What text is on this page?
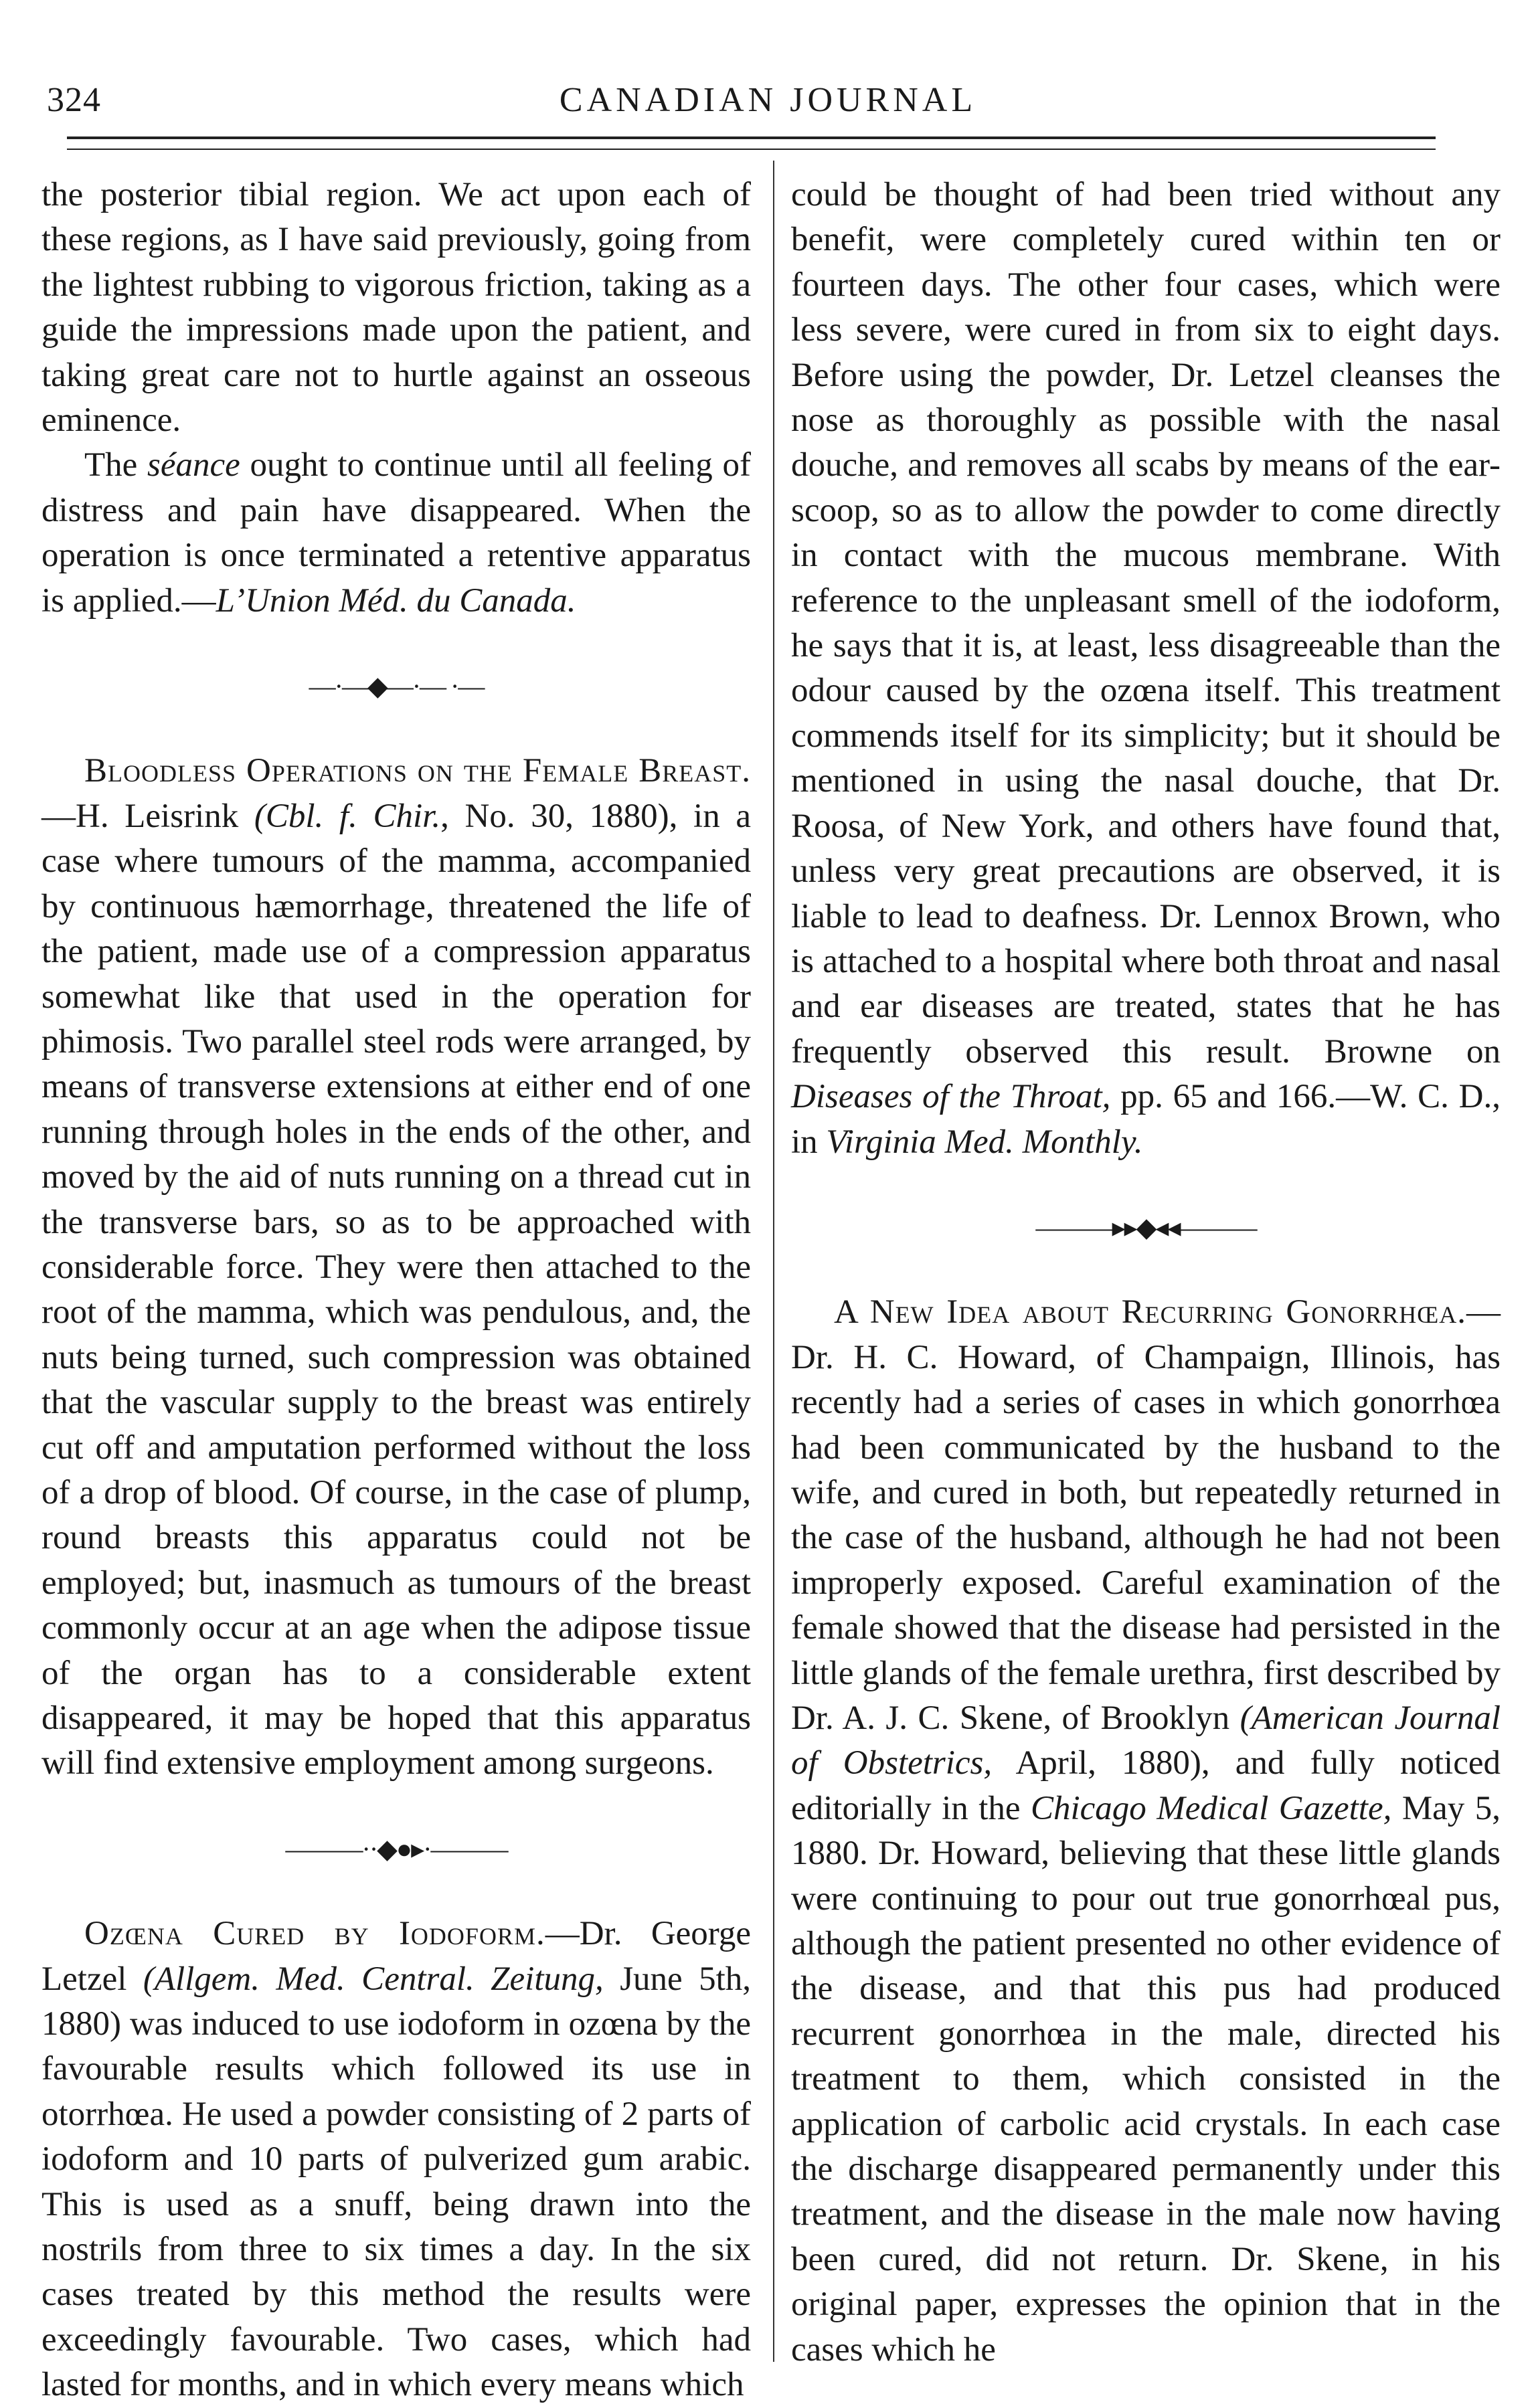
324	CANADIAN JOURNAL

the posterior tibial region. We act upon each of these regions, as I have said previously, going from the lightest rubbing to vigorous friction, taking as a guide the impressions made upon the patient, and taking great care not to hurtle against an osseous eminence.

The séance ought to continue until all feeling of distress and pain have disappeared. When the operation is once terminated a retentive apparatus is applied.—L’Union Méd. du Canada.

—·—◆—·— ·—

Bloodless Operations on the Female Breast.—H. Leisrink (Cbl. f. Chir., No. 30, 1880), in a case where tumours of the mamma, accompanied by continuous hæmorrhage, threatened the life of the patient, made use of a compression apparatus somewhat like that used in the operation for phimosis. Two parallel steel rods were arranged, by means of transverse extensions at either end of one running through holes in the ends of the other, and moved by the aid of nuts running on a thread cut in the transverse bars, so as to be approached with considerable force. They were then attached to the root of the mamma, which was pendulous, and, the nuts being turned, such compression was obtained that the vascular supply to the breast was entirely cut off and amputation performed without the loss of a drop of blood. Of course, in the case of plump, round breasts this apparatus could not be employed; but, inasmuch as tumours of the breast commonly occur at an age when the adipose tissue of the organ has to a considerable extent disappeared, it may be hoped that this apparatus will find extensive employment among surgeons.

———··◆●▸·———

Ozœna Cured by Iodoform.—Dr. George Letzel (Allgem. Med. Central. Zeitung, June 5th, 1880) was induced to use iodoform in ozœna by the favourable results which followed its use in otorrhœa. He used a powder consisting of 2 parts of iodoform and 10 parts of pulverized gum arabic. This is used as a snuff, being drawn into the nostrils from three to six times a day. In the six cases treated by this method the results were exceedingly favourable. Two cases, which had lasted for months, and in which every means which

could be thought of had been tried without any benefit, were completely cured within ten or fourteen days. The other four cases, which were less severe, were cured in from six to eight days. Before using the powder, Dr. Letzel cleanses the nose as thoroughly as possible with the nasal douche, and removes all scabs by means of the ear-scoop, so as to allow the powder to come directly in contact with the mucous membrane. With reference to the unpleasant smell of the iodoform, he says that it is, at least, less disagreeable than the odour caused by the ozœna itself. This treatment commends itself for its simplicity; but it should be mentioned in using the nasal douche, that Dr. Roosa, of New York, and others have found that, unless very great precautions are observed, it is liable to lead to deafness. Dr. Lennox Brown, who is attached to a hospital where both throat and nasal and ear diseases are treated, states that he has frequently observed this result. Browne on Diseases of the Throat, pp. 65 and 166.—W. C. D., in Virginia Med. Monthly.

———▸▸◆◂◂———

A New Idea about Recurring Gonorrhœa.—Dr. H. C. Howard, of Champaign, Illinois, has recently had a series of cases in which gonorrhœa had been communicated by the husband to the wife, and cured in both, but repeatedly returned in the case of the husband, although he had not been improperly exposed. Careful examination of the female showed that the disease had persisted in the little glands of the female urethra, first described by Dr. A. J. C. Skene, of Brooklyn (American Journal of Obstetrics, April, 1880), and fully noticed editorially in the Chicago Medical Gazette, May 5, 1880. Dr. Howard, believing that these little glands were continuing to pour out true gonorrhœal pus, although the patient presented no other evidence of the disease, and that this pus had produced recurrent gonorrhœa in the male, directed his treatment to them, which consisted in the application of carbolic acid crystals. In each case the discharge disappeared permanently under this treatment, and the disease in the male now having been cured, did not return. Dr. Skene, in his original paper, expresses the opinion that in the cases which he
